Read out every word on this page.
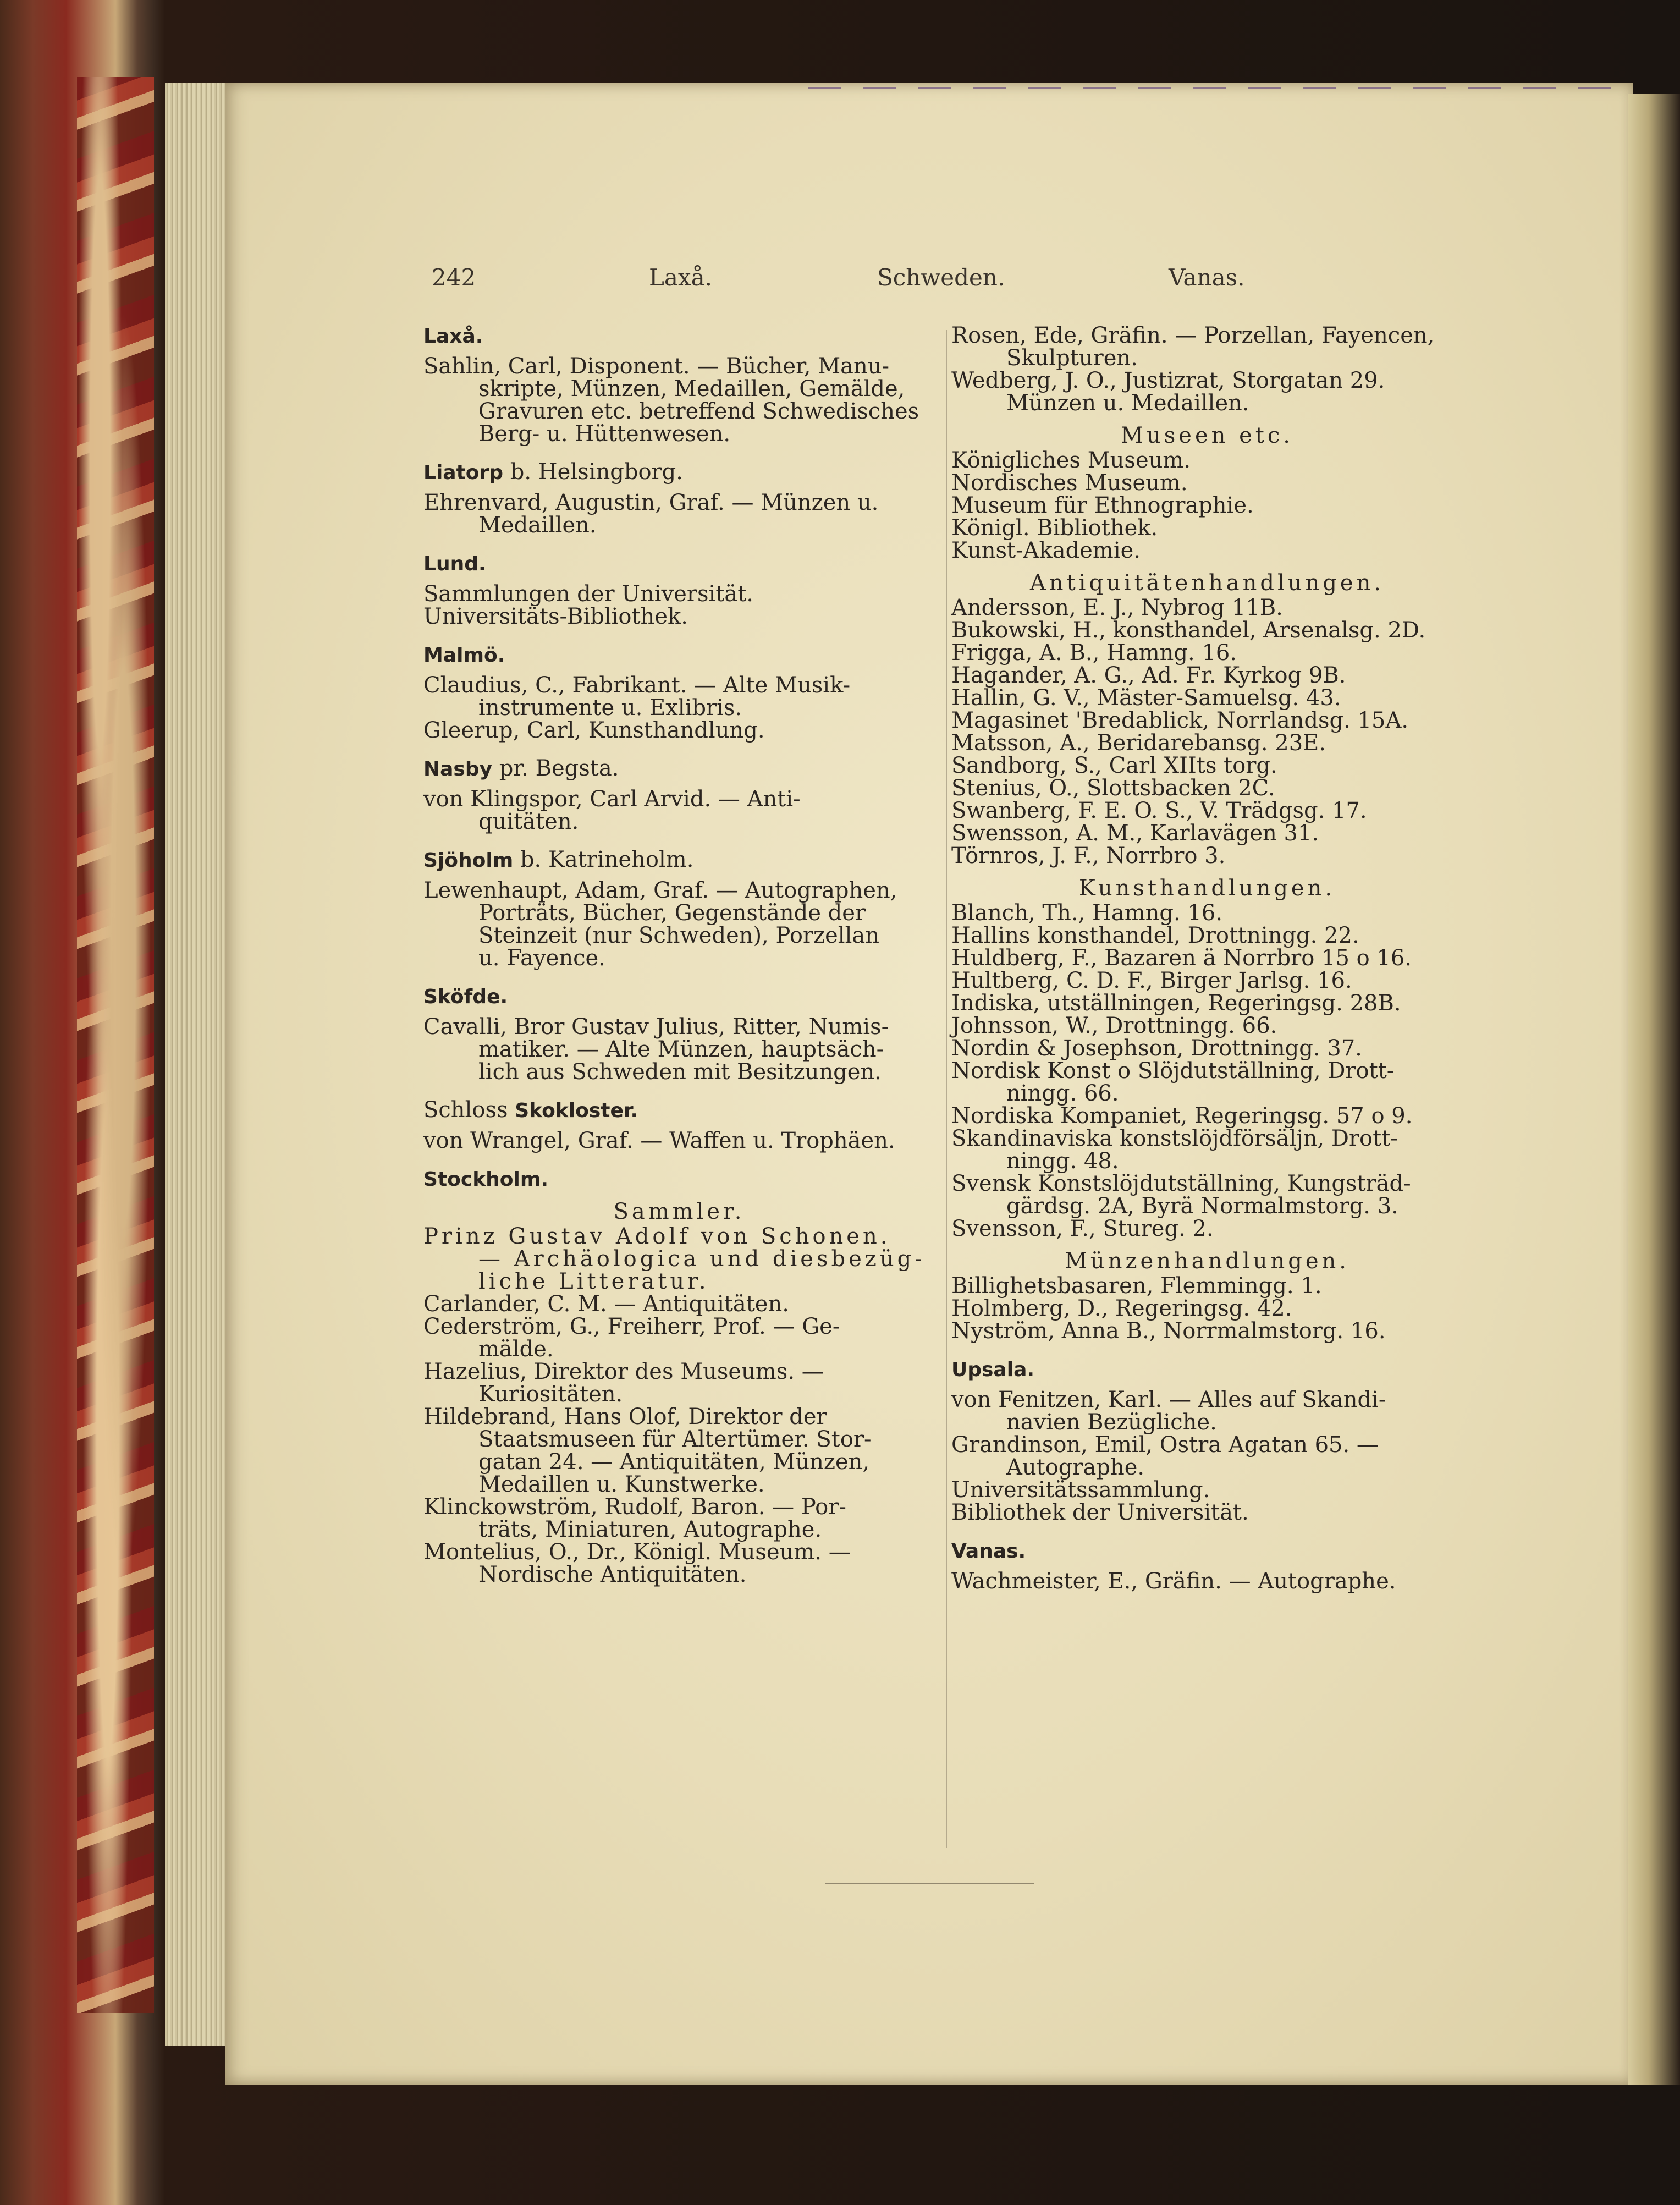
242	Laxå.	Schweden.	Vanas.

Laxå.

Sahlin, Carl, Disponent. — Bücher, Manu-

skripte, Münzen, Medaillen, Gemälde,

Gravuren etc. betreffend Schwedisches

Berg- u. Hüttenwesen.

Liatorp b. Helsingborg.

Ehrenvard, Augustin, Graf. — Münzen u.

Medaillen.

Lund.

Sammlungen der Universität.

Universitäts-Bibliothek.

Malmö.

Claudius, C., Fabrikant. — Alte Musik-

instrumente u. Exlibris.

Gleerup, Carl, Kunsthandlung.

Nasby pr. Begsta.

von Klingspor, Carl Arvid. — Anti-

quitäten.

Sjöholm b. Katrineholm.

Lewenhaupt, Adam, Graf. — Autographen,

Porträts, Bücher, Gegenstände der

Steinzeit (nur Schweden), Porzellan

u. Fayence.

Sköfde.

Cavalli, Bror Gustav Julius, Ritter, Numis-

matiker. — Alte Münzen, hauptsäch-

lich aus Schweden mit Besitzungen.

Schloss Skokloster.

von Wrangel, Graf. — Waffen u. Trophäen.

Stockholm.

Sammler.

Prinz Gustav Adolf von Schonen.

— Archäologica und diesbezüg-

liche Litteratur.

Carlander, C. M. — Antiquitäten.

Cederström, G., Freiherr, Prof. — Ge-

mälde.

Hazelius, Direktor des Museums. —

Kuriositäten.

Hildebrand, Hans Olof, Direktor der

Staatsmuseen für Altertümer. Stor-

gatan 24. — Antiquitäten, Münzen,

Medaillen u. Kunstwerke.

Klinckowström, Rudolf, Baron. — Por-

träts, Miniaturen, Autographe.

Montelius, O., Dr., Königl. Museum. —

Nordische Antiquitäten.

Rosen, Ede, Gräfin. — Porzellan, Fayencen,

Skulpturen.

Wedberg, J. O., Justizrat, Storgatan 29.

Münzen u. Medaillen.

Museen etc.

Königliches Museum.

Nordisches Museum.

Museum für Ethnographie.

Königl. Bibliothek.

Kunst-Akademie.

Antiquitätenhandlungen.

Andersson, E. J., Nybrog 11B.

Bukowski, H., konsthandel, Arsenalsg. 2D.

Frigga, A. B., Hamng. 16.

Hagander, A. G., Ad. Fr. Kyrkog 9B.

Hallin, G. V., Mäster-Samuelsg. 43.

Magasinet 'Bredablick, Norrlandsg. 15A.

Matsson, A., Beridarebansg. 23E.

Sandborg, S., Carl XIIts torg.

Stenius, O., Slottsbacken 2C.

Swanberg, F. E. O. S., V. Trädgsg. 17.

Swensson, A. M., Karlavägen 31.

Törnros, J. F., Norrbro 3.

Kunsthandlungen.

Blanch, Th., Hamng. 16.

Hallins konsthandel, Drottningg. 22.

Huldberg, F., Bazaren ä Norrbro 15 o 16.

Hultberg, C. D. F., Birger Jarlsg. 16.

Indiska, utställningen, Regeringsg. 28B.

Johnsson, W., Drottningg. 66.

Nordin & Josephson, Drottningg. 37.

Nordisk Konst o Slöjdutställning, Drott-

ningg. 66.

Nordiska Kompaniet, Regeringsg. 57 o 9.

Skandinaviska konstslöjdförsäljn, Drott-

ningg. 48.

Svensk Konstslöjdutställning, Kungsträd-

gärdsg. 2A, Byrä Normalmstorg. 3.

Svensson, F., Stureg. 2.

Münzenhandlungen.

Billighetsbasaren, Flemmingg. 1.

Holmberg, D., Regeringsg. 42.

Nyström, Anna B., Norrmalmstorg. 16.

Upsala.

von Fenitzen, Karl. — Alles auf Skandi-

navien Bezügliche.

Grandinson, Emil, Ostra Agatan 65. —

Autographe.

Universitätssammlung.

Bibliothek der Universität.

Vanas.

Wachmeister, E., Gräfin. — Autographe.
